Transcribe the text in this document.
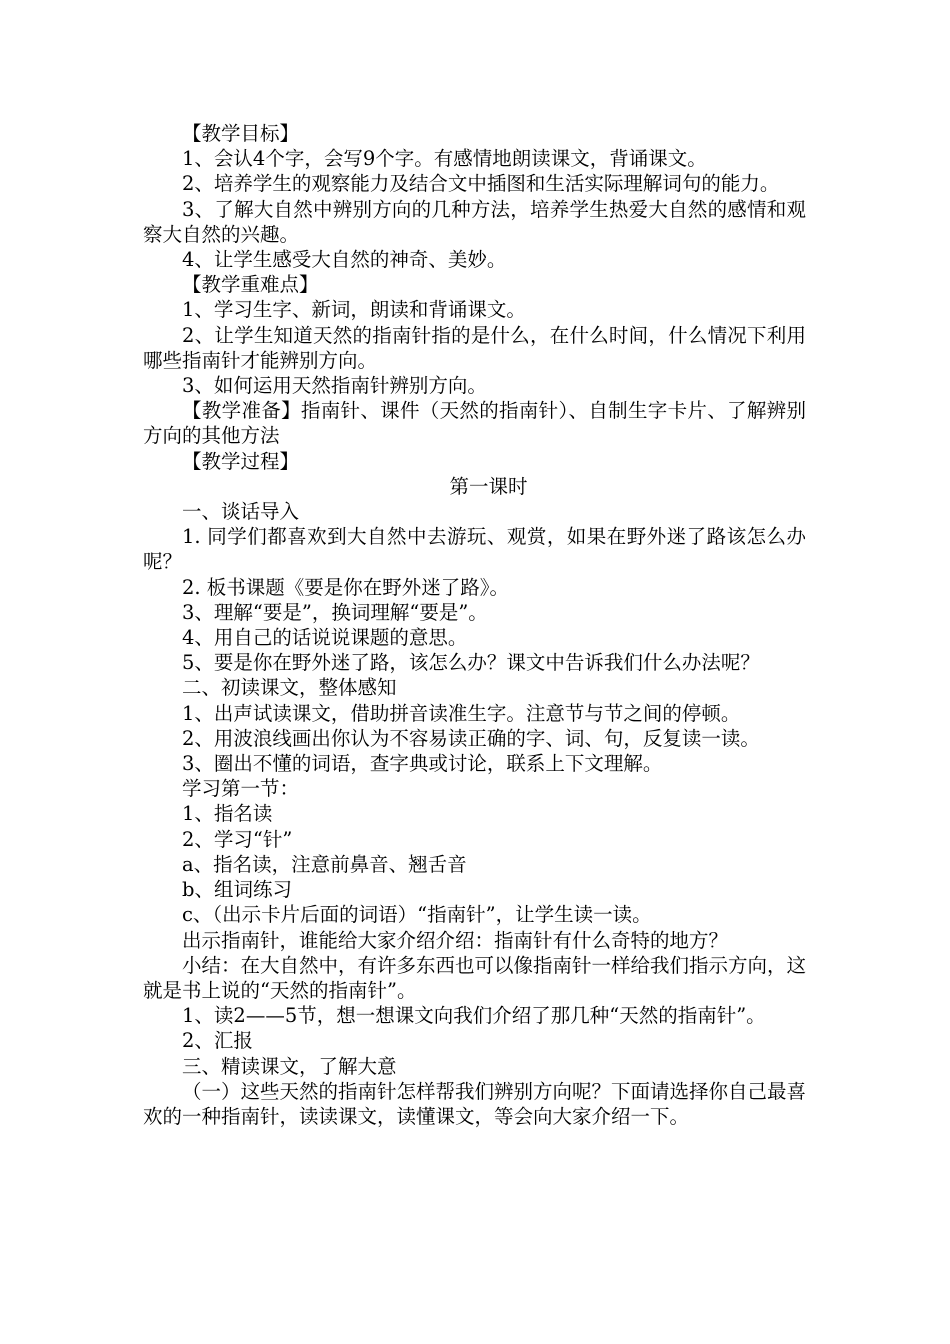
【教学目标】

1、会认4个字，会写9个字。有感情地朗读课文，背诵课文。

2、培养学生的观察能力及结合文中插图和生活实际理解词句的能力。

3、了解大自然中辨别方向的几种方法，培养学生热爱大自然的感情和观察大自然的兴趣。

4、让学生感受大自然的神奇、美妙。

【教学重难点】

1、学习生字、新词，朗读和背诵课文。

2、让学生知道天然的指南针指的是什么，在什么时间，什么情况下利用哪些指南针才能辨别方向。

3、如何运用天然指南针辨别方向。

【教学准备】指南针、课件（天然的指南针）、自制生字卡片、了解辨别方向的其他方法

【教学过程】

第一课时

一、谈话导入

1. 同学们都喜欢到大自然中去游玩、观赏，如果在野外迷了路该怎么办呢？

2. 板书课题《要是你在野外迷了路》。

3、理解“要是”，换词理解“要是”。

4、用自己的话说说课题的意思。

5、要是你在野外迷了路，该怎么办？课文中告诉我们什么办法呢？

二、初读课文，整体感知

1、出声试读课文，借助拼音读准生字。注意节与节之间的停顿。

2、用波浪线画出你认为不容易读正确的字、词、句，反复读一读。

3、圈出不懂的词语，查字典或讨论，联系上下文理解。

学习第一节：

1、指名读

2、学习“针”

a、指名读，注意前鼻音、翘舌音

b、组词练习

c、（出示卡片后面的词语）“指南针”，让学生读一读。

出示指南针，谁能给大家介绍介绍：指南针有什么奇特的地方？

小结：在大自然中，有许多东西也可以像指南针一样给我们指示方向，这就是书上说的“天然的指南针”。

1、读2——5节，想一想课文向我们介绍了那几种“天然的指南针”。

2、汇报

三、精读课文，了解大意

（一）这些天然的指南针怎样帮我们辨别方向呢？下面请选择你自己最喜欢的一种指南针，读读课文，读懂课文，等会向大家介绍一下。
